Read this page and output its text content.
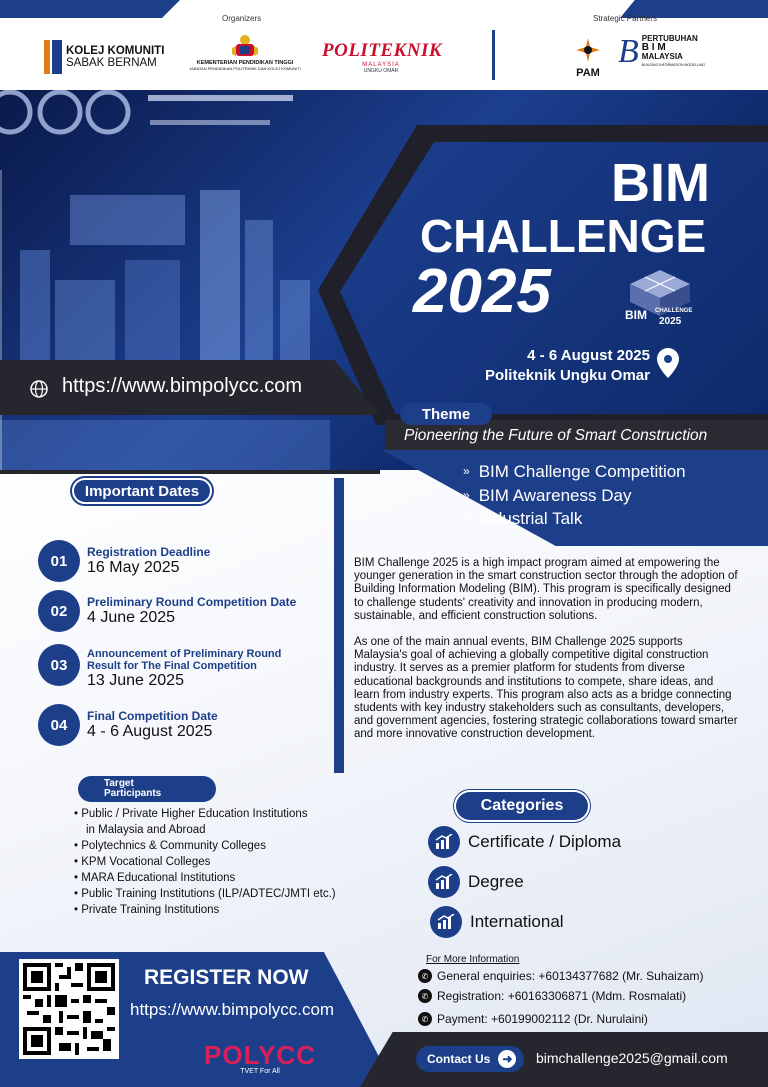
Organizers	Strategic Partners
KOLEJ KOMUNITI
SABAK BERNAM	KEMENTERIAN PENDIDIKAN TINGGI
JABATAN PENDIDIKAN POLITEKNIK DAN KOLEJ KOMUNITI
POLITEKNIK
MALAYSIA
UNGKU OMAR	PAM
B PERTUBUHAN
B I M
MALAYSIA
BUILDING INFORMATION MODELLING
BIM
CHALLENGE
2025	BIM CHALLENGE
2025
4 - 6 August 2025
Politeknik Ungku Omar
https://www.bimpolycc.com
Theme
Pioneering the Future of Smart Construction
» BIM Challenge Competition
» BIM Awareness Day
» Industrial Talk
Important Dates
01
Registration Deadline
16 May 2025
02
Preliminary Round Competition Date
4 June 2025
03
Announcement of Preliminary Round
Result for The Final Competition
13 June 2025
04
Final Competition Date
4 - 6 August 2025

BIM Challenge 2025 is a high impact program aimed at empowering the younger generation in the smart construction sector through the adoption of Building Information Modeling (BIM). This program is specifically designed to challenge students' creativity and innovation in producing modern, sustainable, and efficient construction solutions.

As one of the main annual events, BIM Challenge 2025 supports Malaysia's goal of achieving a globally competitive digital construction industry. It serves as a premier platform for students from diverse educational backgrounds and institutions to compete, share ideas, and learn from industry experts. This program also acts as a bridge connecting students with key industry stakeholders such as consultants, developers, and government agencies, fostering strategic collaborations toward smarter and more innovative construction development.

Target
Participants
• Public / Private Higher Education Institutions
in Malaysia and Abroad
• Polytechnics & Community Colleges
• KPM Vocational Colleges
• MARA Educational Institutions
• Public Training Institutions (ILP/ADTEC/JMTI etc.)
• Private Training Institutions
Categories
Certificate / Diploma
Degree
International
REGISTER NOW
https://www.bimpolycc.com
POLYCC
TVET For All
For More Information
✆ General enquiries: +60134377682 (Mr. Suhaizam)
✆ Registration: +60163306871 (Mdm. Rosmalati)
✆ Payment: +60199002112 (Dr. Nurulaini)
Contact Us ➜ bimchallenge2025@gmail.com
